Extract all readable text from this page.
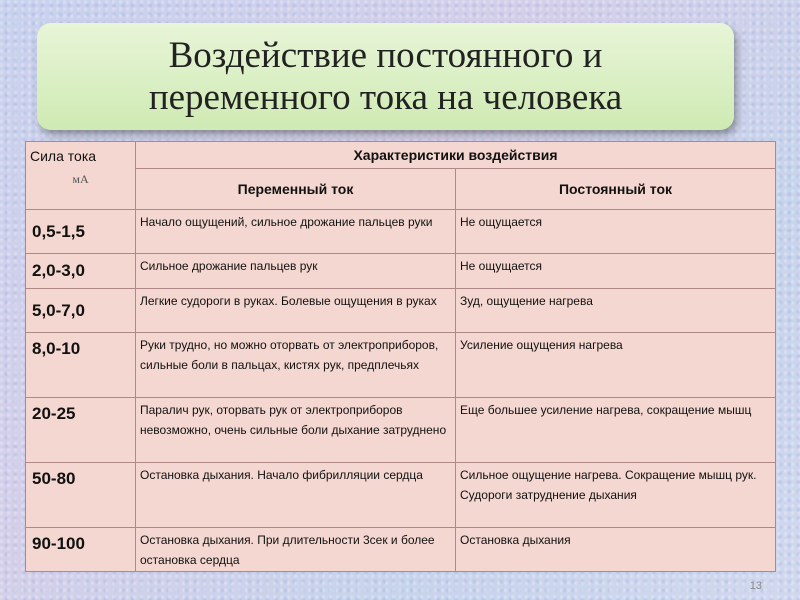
Воздействие постоянного и переменного тока на человека
Сила тока
мА	Характеристики воздействия	
	Переменный ток	Постоянный ток
0,5-1,5	Начало ощущений, сильное дрожание пальцев руки	Не ощущается
2,0-3,0	Сильное дрожание пальцев рук	Не ощущается
5,0-7,0	Легкие судороги в руках. Болевые ощущения в руках	Зуд, ощущение нагрева
8,0-10	Руки трудно, но можно оторвать от электроприборов, сильные боли в пальцах, кистях рук, предплечьях	Усиление ощущения нагрева
20-25	Паралич рук, оторвать рук от электроприборов невозможно, очень сильные боли дыхание затруднено	Еще большее усиление нагрева, сокращение мышц
50-80	Остановка дыхания. Начало фибрилляции сердца	Сильное ощущение нагрева. Сокращение мышц рук. Судороги затруднение дыхания
90-100	Остановка дыхания. При длительности 3сек и более остановка сердца	Остановка дыхания
13
